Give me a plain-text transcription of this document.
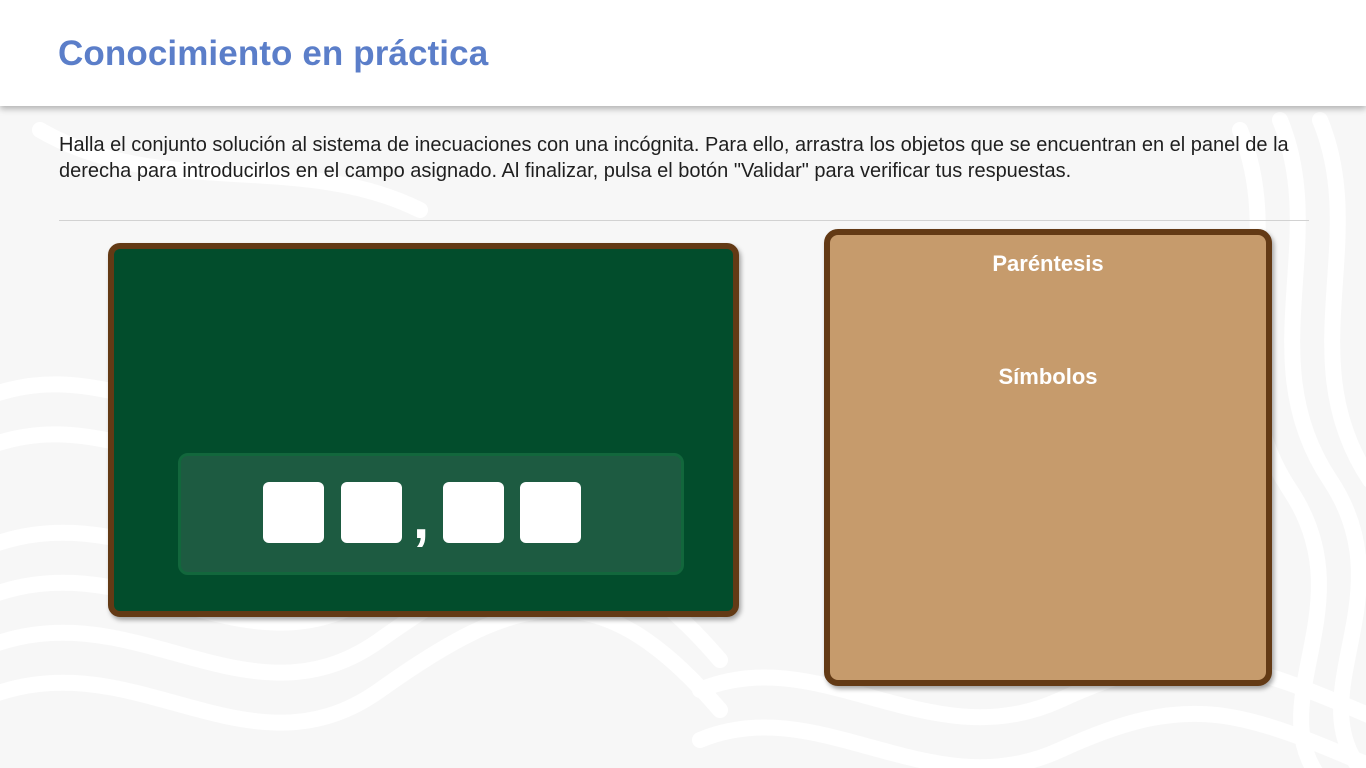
Conocimiento en práctica

Halla el conjunto solución al sistema de inecuaciones con una incógnita. Para ello, arrastra los objetos que se encuentran en el panel de la derecha para introducirlos en el campo asignado. Al finalizar, pulsa el botón "Validar" para verificar tus respuestas.

,
Paréntesis
Símbolos
